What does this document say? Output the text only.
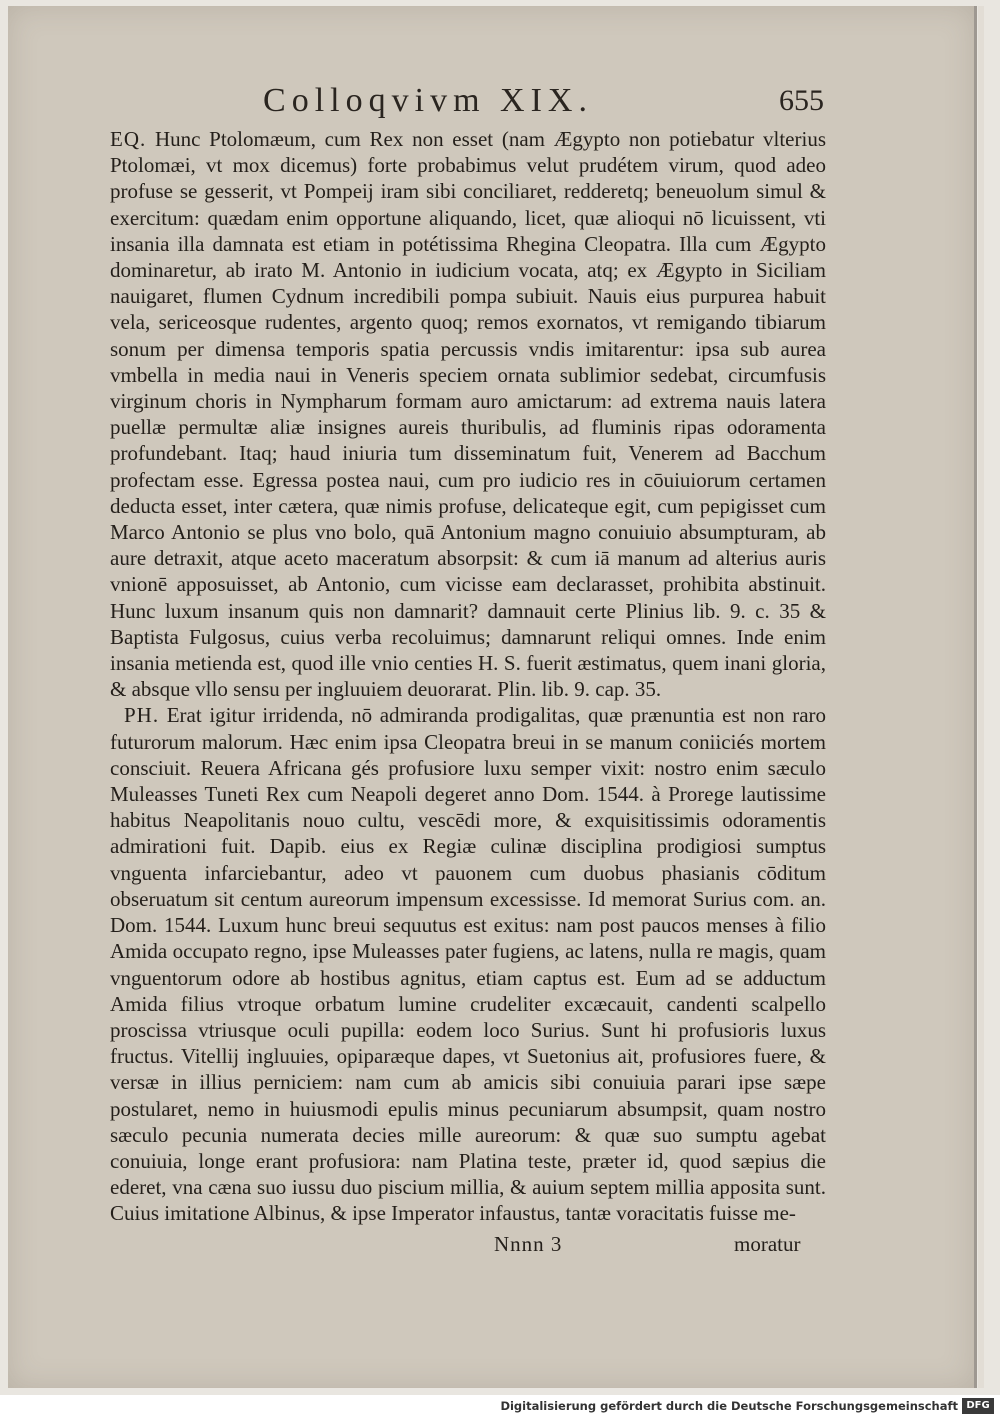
Colloqvivm XIX.	655

EQ. Hunc Ptolomæum, cum Rex non esset (nam Ægypto non potiebatur vlterius Ptolomæi, vt mox dicemus) forte probabimus velut prudétem virum, quod adeo profuse se gesserit, vt Pompeij iram sibi conciliaret, redderetq; beneuolum simul & exercitum: quædam enim opportune aliquando, licet, quæ alioqui nō licuissent, vti insania illa damnata est etiam in potétissima Rhegina Cleopatra. Illa cum Ægypto dominaretur, ab irato M. Antonio in iudicium vocata, atq; ex Ægypto in Siciliam nauigaret, flumen Cydnum incredibili pompa subiuit. Nauis eius purpurea habuit vela, sericeosque rudentes, argento quoq; remos exornatos, vt remigando tibiarum sonum per dimensa temporis spatia percussis vndis imitarentur: ipsa sub aurea vmbella in media naui in Veneris speciem ornata sublimior sedebat, circumfusis virginum choris in Nympharum formam auro amictarum: ad extrema nauis latera puellæ permultæ aliæ insignes aureis thuribulis, ad fluminis ripas odoramenta profundebant. Itaq; haud iniuria tum disseminatum fuit, Venerem ad Bacchum profectam esse. Egressa postea naui, cum pro iudicio res in cōuiuiorum certamen deducta esset, inter cætera, quæ nimis profuse, delicateque egit, cum pepigisset cum Marco Antonio se plus vno bolo, quā Antonium magno conuiuio absumpturam, ab aure detraxit, atque aceto maceratum absorpsit: & cum iā manum ad alterius auris vnionē apposuisset, ab Antonio, cum vicisse eam declarasset, prohibita abstinuit. Hunc luxum insanum quis non damnarit? damnauit certe Plinius lib. 9. c. 35 & Baptista Fulgosus, cuius verba recoluimus; damnarunt reliqui omnes. Inde enim insania metienda est, quod ille vnio centies H. S. fuerit æstimatus, quem inani gloria, & absque vllo sensu per ingluuiem deuorarat. Plin. lib. 9. cap. 35.

PH. Erat igitur irridenda, nō admiranda prodigalitas, quæ prænuntia est non raro futurorum malorum. Hæc enim ipsa Cleopatra breui in se manum coniiciés mortem consciuit. Reuera Africana gés profusiore luxu semper vixit: nostro enim sæculo Muleasses Tuneti Rex cum Neapoli degeret anno Dom. 1544. à Prorege lautissime habitus Neapolitanis nouo cultu, vescēdi more, & exquisitissimis odoramentis admirationi fuit. Dapib. eius ex Regiæ culinæ disciplina prodigiosi sumptus vnguenta infarciebantur, adeo vt pauonem cum duobus phasianis cōditum obseruatum sit centum aureorum impensum excessisse. Id memorat Surius com. an. Dom. 1544. Luxum hunc breui sequutus est exitus: nam post paucos menses à filio Amida occupato regno, ipse Muleasses pater fugiens, ac latens, nulla re magis, quam vnguentorum odore ab hostibus agnitus, etiam captus est. Eum ad se adductum Amida filius vtroque orbatum lumine crudeliter excæcauit, candenti scalpello proscissa vtriusque oculi pupilla: eodem loco Surius. Sunt hi profusioris luxus fructus. Vitellij ingluuies, opiparæque dapes, vt Suetonius ait, profusiores fuere, & versæ in illius perniciem: nam cum ab amicis sibi conuiuia parari ipse sæpe postularet, nemo in huiusmodi epulis minus pecuniarum absumpsit, quam nostro sæculo pecunia numerata decies mille aureorum: & quæ suo sumptu agebat conuiuia, longe erant profusiora: nam Platina teste, præter id, quod sæpius die ederet, vna cæna suo iussu duo piscium millia, & auium septem millia apposita sunt. Cuius imitatione Albinus, & ipse Imperator infaustus, tantæ voracitatis fuisse me-

Nnnn 3	moratur
Digitalisierung gefördert durch die Deutsche Forschungsgemeinschaft DFG
